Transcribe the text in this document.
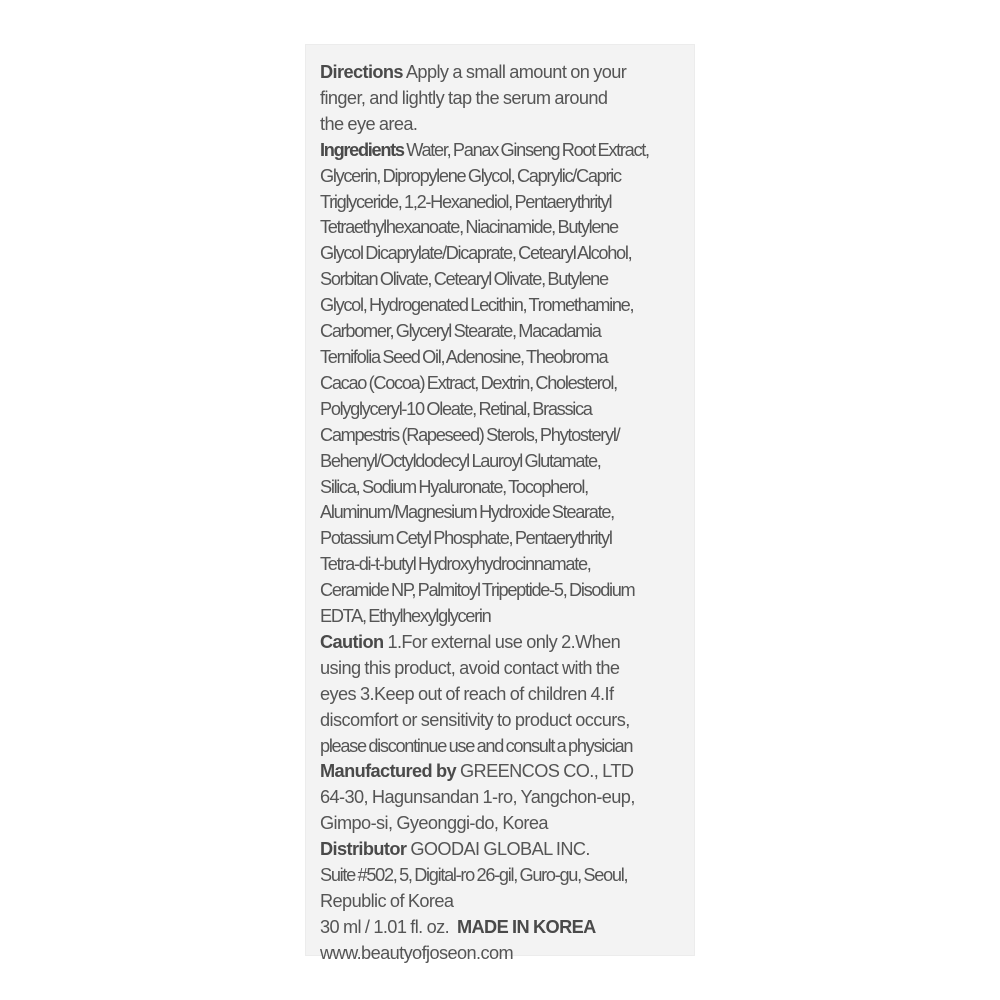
Directions Apply a small amount on your
finger, and lightly tap the serum around
the eye area.
Ingredients Water, Panax Ginseng Root Extract,
Glycerin, Dipropylene Glycol, Caprylic/Capric
Triglyceride, 1,2-Hexanediol, Pentaerythrityl
Tetraethylhexanoate, Niacinamide, Butylene
Glycol Dicaprylate/Dicaprate, Cetearyl Alcohol,
Sorbitan Olivate, Cetearyl Olivate, Butylene
Glycol, Hydrogenated Lecithin, Tromethamine,
Carbomer, Glyceryl Stearate, Macadamia
Ternifolia Seed Oil, Adenosine, Theobroma
Cacao (Cocoa) Extract, Dextrin, Cholesterol,
Polyglyceryl-10 Oleate, Retinal, Brassica
Campestris (Rapeseed) Sterols, Phytosteryl/
Behenyl/Octyldodecyl Lauroyl Glutamate,
Silica, Sodium Hyaluronate, Tocopherol,
Aluminum/Magnesium Hydroxide Stearate,
Potassium Cetyl Phosphate, Pentaerythrityl
Tetra-di-t-butyl Hydroxyhydrocinnamate,
Ceramide NP, Palmitoyl Tripeptide-5, Disodium
EDTA, Ethylhexylglycerin
Caution 1.For external use only 2.When
using this product, avoid contact with the
eyes 3.Keep out of reach of children 4.If
discomfort or sensitivity to product occurs,
please discontinue use and consult a physician
Manufactured by GREENCOS CO., LTD
64-30, Hagunsandan 1-ro, Yangchon-eup,
Gimpo-si, Gyeonggi-do, Korea
Distributor GOODAI GLOBAL INC.
Suite #502, 5, Digital-ro 26-gil, Guro-gu, Seoul,
Republic of Korea
30 ml / 1.01 fl. oz. MADE IN KOREA
www.beautyofjoseon.com
